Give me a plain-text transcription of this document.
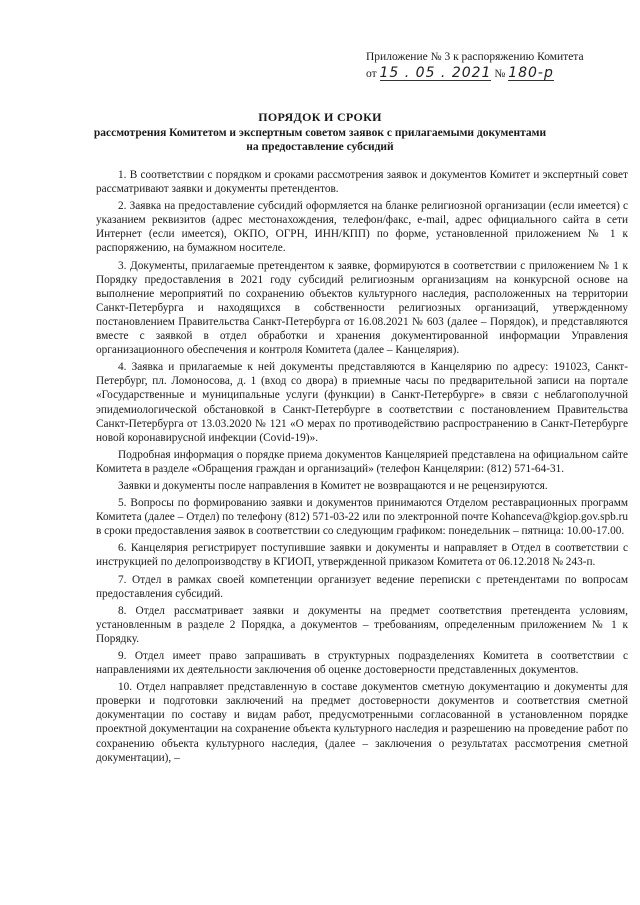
Приложение № 3 к распоряжению Комитета
от 15 . 05 . 2021 № 180-р
ПОРЯДОК И СРОКИ
рассмотрения Комитетом и экспертным советом заявок с прилагаемыми документами на предоставление субсидий

1. В соответствии с порядком и сроками рассмотрения заявок и документов Комитет и экспертный совет рассматривают заявки и документы претендентов.

2. Заявка на предоставление субсидий оформляется на бланке религиозной организации (если имеется) с указанием реквизитов (адрес местонахождения, телефон/факс, e-mail, адрес официального сайта в сети Интернет (если имеется), ОКПО, ОГРН, ИНН/КПП) по форме, установленной приложением № 1 к распоряжению, на бумажном носителе.

3. Документы, прилагаемые претендентом к заявке, формируются в соответствии с приложением № 1 к Порядку предоставления в 2021 году субсидий религиозным организациям на конкурсной основе на выполнение мероприятий по сохранению объектов культурного наследия, расположенных на территории Санкт-Петербурга и находящихся в собственности религиозных организаций, утвержденному постановлением Правительства Санкт-Петербурга от 16.08.2021 № 603 (далее – Порядок), и представляются вместе с заявкой в отдел обработки и хранения документированной информации Управления организационного обеспечения и контроля Комитета (далее – Канцелярия).

4. Заявка и прилагаемые к ней документы представляются в Канцелярию по адресу: 191023, Санкт-Петербург, пл. Ломоносова, д. 1 (вход со двора) в приемные часы по предварительной записи на портале «Государственные и муниципальные услуги (функции) в Санкт-Петербурге» в связи с неблагополучной эпидемиологической обстановкой в Санкт-Петербурге в соответствии с постановлением Правительства Санкт-Петербурга от 13.03.2020 № 121 «О мерах по противодействию распространению в Санкт-Петербурге новой коронавирусной инфекции (Covid-19)».

Подробная информация о порядке приема документов Канцелярией представлена на официальном сайте Комитета в разделе «Обращения граждан и организаций» (телефон Канцелярии: (812) 571-64-31.

Заявки и документы после направления в Комитет не возвращаются и не рецензируются.

5. Вопросы по формированию заявки и документов принимаются Отделом реставрационных программ Комитета (далее – Отдел) по телефону (812) 571-03-22 или по электронной почте Kohanceva@kgiop.gov.spb.ru в сроки предоставления заявок в соответствии со следующим графиком: понедельник – пятница: 10.00-17.00.

6. Канцелярия регистрирует поступившие заявки и документы и направляет в Отдел в соответствии с инструкцией по делопроизводству в КГИОП, утвержденной приказом Комитета от 06.12.2018 № 243-п.

7. Отдел в рамках своей компетенции организует ведение переписки с претендентами по вопросам предоставления субсидий.

8. Отдел рассматривает заявки и документы на предмет соответствия претендента условиям, установленным в разделе 2 Порядка, а документов – требованиям, определенным приложением № 1 к Порядку.

9. Отдел имеет право запрашивать в структурных подразделениях Комитета в соответствии с направлениями их деятельности заключения об оценке достоверности представленных документов.

10. Отдел направляет представленную в составе документов сметную документацию и документы для проверки и подготовки заключений на предмет достоверности документов и соответствия сметной документации по составу и видам работ, предусмотренными согласованной в установленном порядке проектной документации на сохранение объекта культурного наследия и разрешению на проведение работ по сохранению объекта культурного наследия, (далее – заключения о результатах рассмотрения сметной документации), –
